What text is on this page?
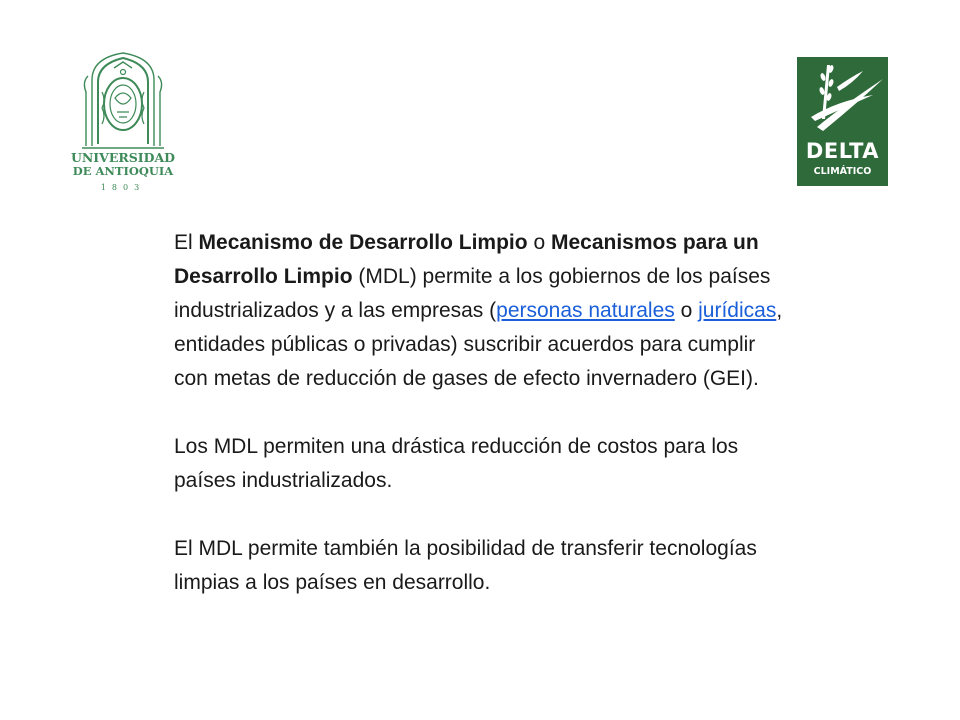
UNIVERSIDAD
DE ANTIOQUIA
1803
DELTA
CLIMÁTICO

El Mecanismo de Desarrollo Limpio o Mecanismos para un Desarrollo Limpio (MDL) permite a los gobiernos de los países industrializados y a las empresas (personas naturales o jurídicas, entidades públicas o privadas) suscribir acuerdos para cumplir con metas de reducción de gases de efecto invernadero (GEI).

Los MDL permiten una drástica reducción de costos para los países industrializados.

El MDL permite también la posibilidad de transferir tecnologías limpias a los países en desarrollo.
